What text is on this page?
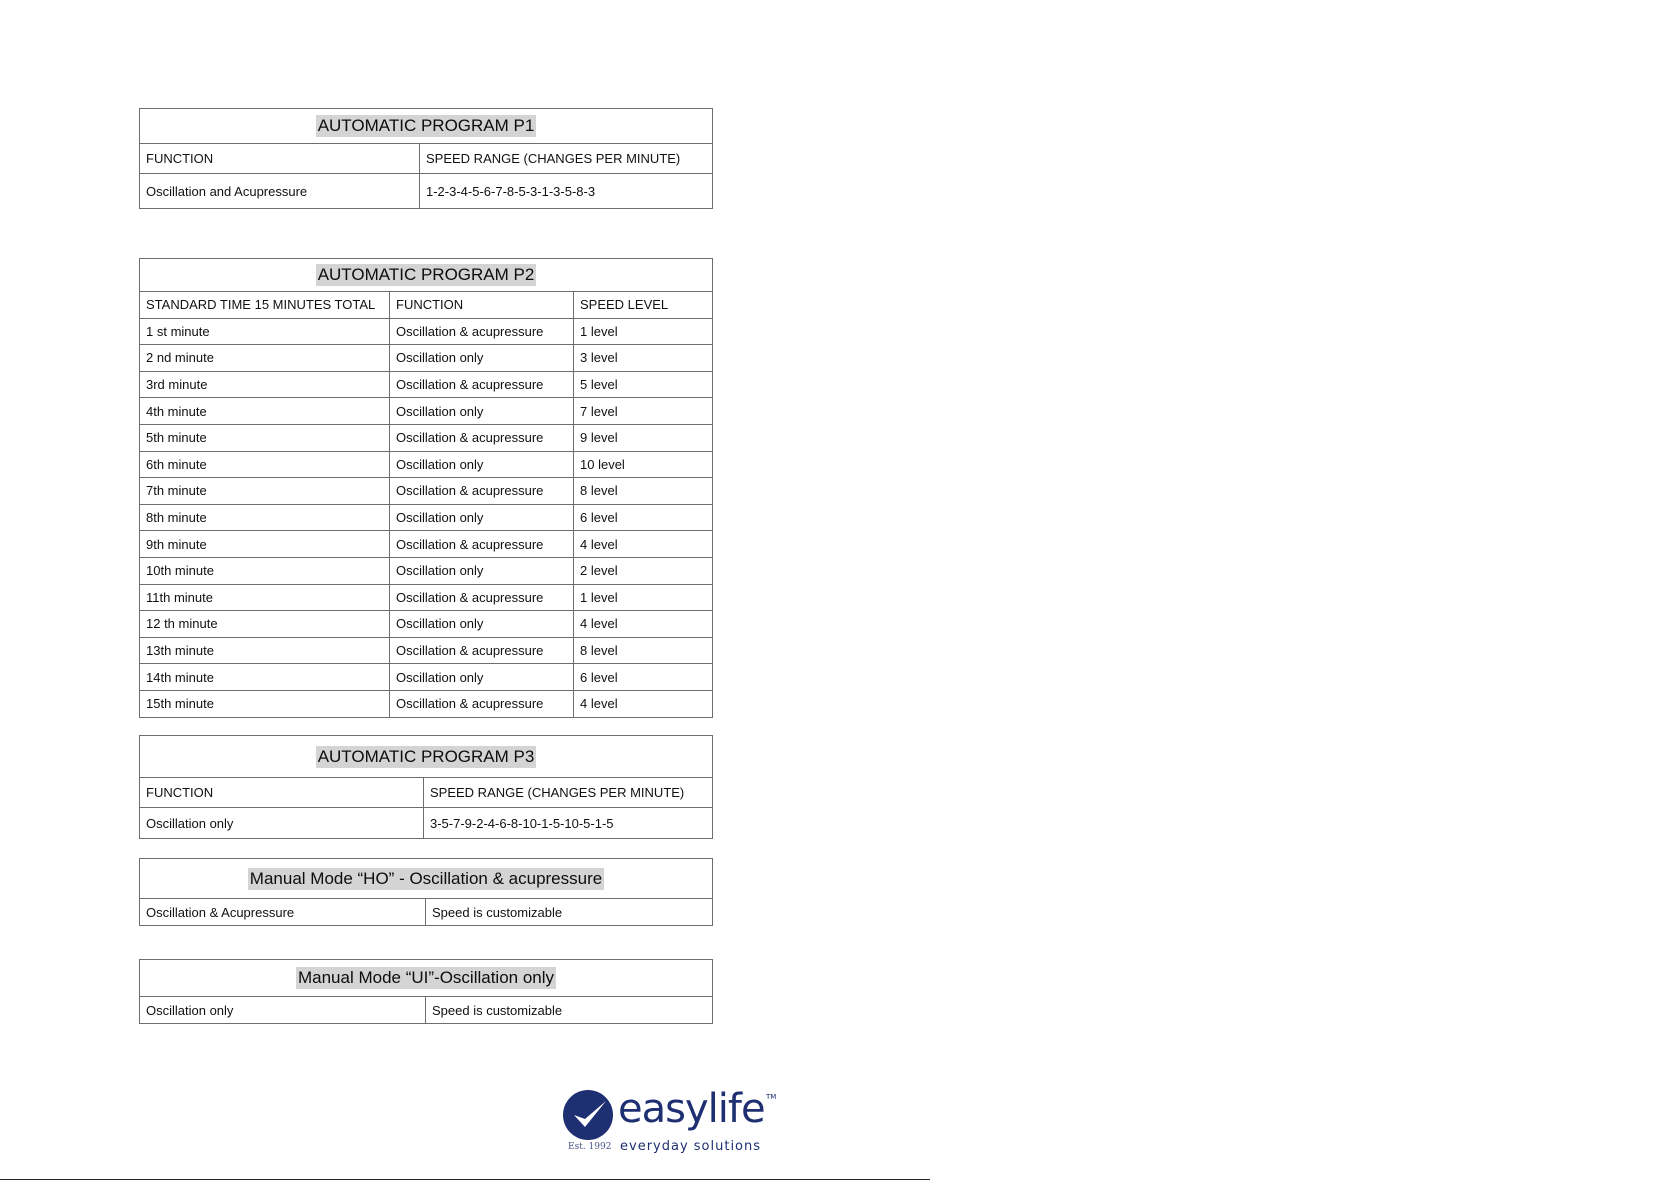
AUTOMATIC PROGRAM P1	
FUNCTION	SPEED RANGE (CHANGES PER MINUTE)
Oscillation and Acupressure	1-2-3-4-5-6-7-8-5-3-1-3-5-8-3
AUTOMATIC PROGRAM P2		
STANDARD TIME 15 MINUTES TOTAL	FUNCTION	SPEED LEVEL
1 st minute	Oscillation & acupressure	1 level
2 nd minute	Oscillation only	3 level
3rd minute	Oscillation & acupressure	5 level
4th minute	Oscillation only	7 level
5th minute	Oscillation & acupressure	9 level
6th minute	Oscillation only	10 level
7th minute	Oscillation & acupressure	8 level
8th minute	Oscillation only	6 level
9th minute	Oscillation & acupressure	4 level
10th minute	Oscillation only	2 level
11th minute	Oscillation & acupressure	1 level
12 th minute	Oscillation only	4 level
13th minute	Oscillation & acupressure	8 level
14th minute	Oscillation only	6 level
15th minute	Oscillation & acupressure	4 level
AUTOMATIC PROGRAM P3	
FUNCTION	SPEED RANGE (CHANGES PER MINUTE)
Oscillation only	3-5-7-9-2-4-6-8-10-1-5-10-5-1-5
Manual Mode “HO” - Oscillation & acupressure
Oscillation & Acupressure	Speed is customizable
Manual Mode “UI”-Oscillation only
Oscillation only	Speed is customizable
easylife TM
Est. 1992 everyday solutions
